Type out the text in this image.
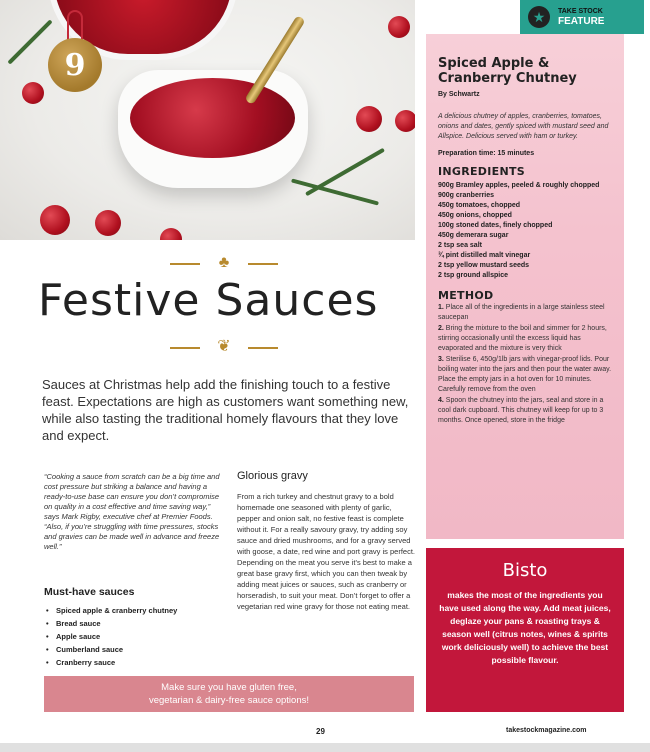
9
★	TAKE STOCK
FEATURE
♣
Festive Sauces
❦

Sauces at Christmas help add the finishing touch to a festive feast. Expectations are high as customers want something new, while also tasting the traditional homely flavours that they love and expect.

“Cooking a sauce from scratch can be a big time and cost pressure but striking a balance and having a ready-to-use base can ensure you don’t compromise on quality in a cost effective and time saving way,” says Mark Rigby, executive chef at Premier Foods. “Also, if you’re struggling with time pressures, stocks and gravies can be made well in advance and freeze well.”

Must-have sauces
• Spiced apple & cranberry chutney
• Bread sauce
• Apple sauce
• Cumberland sauce
• Cranberry sauce
Glorious gravy

From a rich turkey and chestnut gravy to a bold homemade one seasoned with plenty of garlic, pepper and onion salt, no festive feast is complete without it. For a really savoury gravy, try adding soy sauce and dried mushrooms, and for a gravy served with goose, a date, red wine and port gravy is perfect. Depending on the meat you serve it’s best to make a great base gravy first, which you can then tweak by adding meat juices or sauces, such as cranberry or horseradish, to suit your meat. Don’t forget to offer a vegetarian red wine gravy for those not eating meat.

Make sure you have gluten free,
vegetarian & dairy-free sauce options!
Spiced Apple &
Cranberry Chutney
By Schwartz

A delicious chutney of apples, cranberries, tomatoes, onions and dates, gently spiced with mustard seed and Allspice. Delicious served with ham or turkey.

Preparation time: 15 minutes
INGREDIENTS
900g Bramley apples, peeled & roughly chopped
900g cranberries
450g tomatoes, chopped
450g onions, chopped
100g stoned dates, finely chopped
450g demerara sugar
2 tsp sea salt
¾ pint distilled malt vinegar
2 tsp yellow mustard seeds
2 tsp ground allspice
METHOD
1. Place all of the ingredients in a large stainless steel saucepan
2. Bring the mixture to the boil and simmer for 2 hours, stirring occasionally until the excess liquid has evaporated and the mixture is very thick
3. Sterilise 6, 450g/1lb jars with vinegar-proof lids. Pour boiling water into the jars and then pour the water away. Place the empty jars in a hot oven for 10 minutes. Carefully remove from the oven
4. Spoon the chutney into the jars, seal and store in a cool dark cupboard. This chutney will keep for up to 3 months. Once opened, store in the fridge
Bisto
makes the most of the ingredients you have used along the way. Add meat juices, deglaze your pans & roasting trays & season well (citrus notes, wines & spirits work deliciously well) to achieve the best possible flavour.
29	takestockmagazine.com
